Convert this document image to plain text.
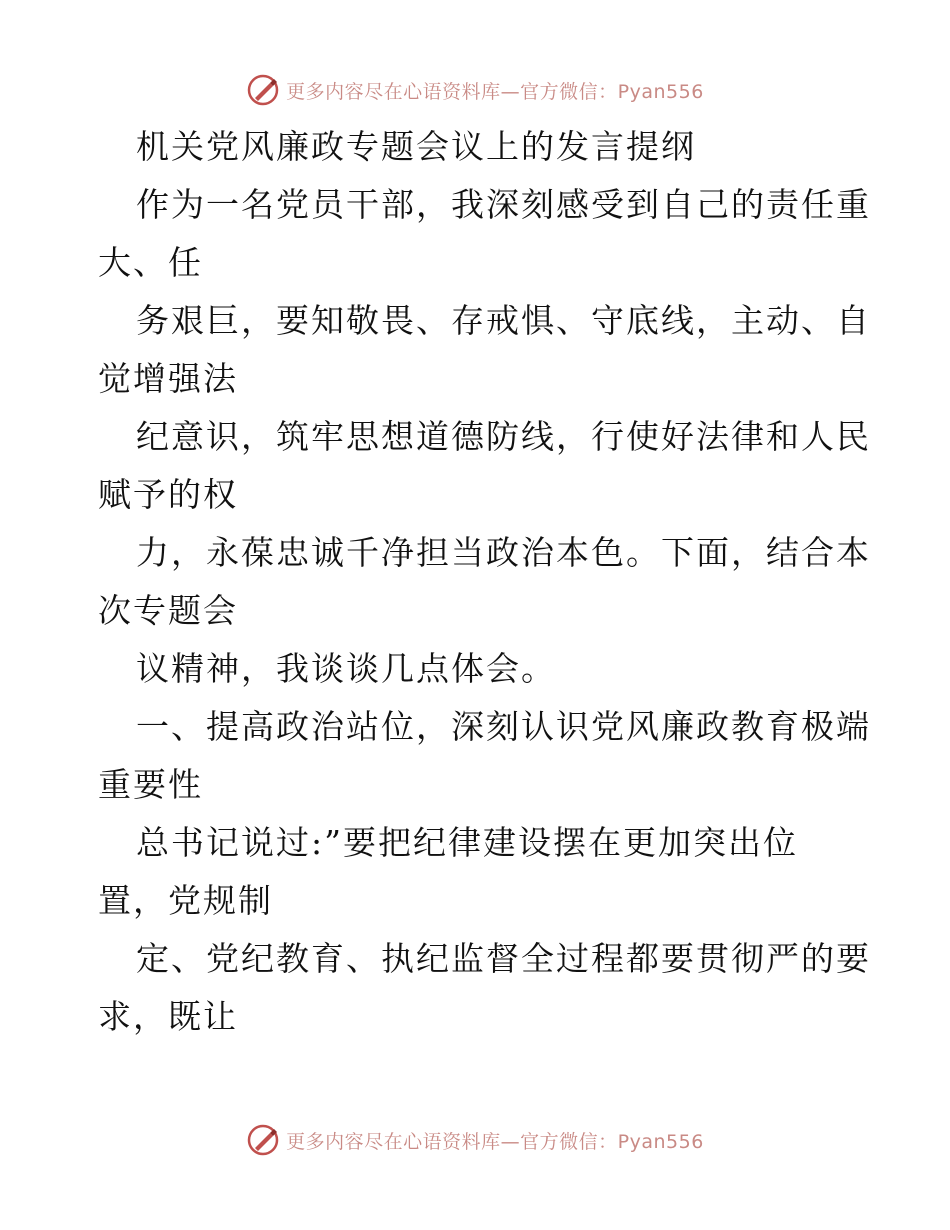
更多内容尽在心语资料库—官方微信：Pyan556
机关党风廉政专题会议上的发言提纲
作为一名党员干部，我深刻感受到自己的责任重
大、任
务艰巨，要知敬畏、存戒惧、守底线，主动、自
觉增强法
纪意识，筑牢思想道德防线，行使好法律和人民
赋予的权
力，永葆忠诚千净担当政治本色。下面，结合本
次专题会
议精神，我谈谈几点体会。
一、提高政治站位，深刻认识党风廉政教育极端
重要性
总书记说过:”要把纪律建设摆在更加突出位
置，党规制
定、党纪教育、执纪监督全过程都要贯彻严的要
求，既让
更多内容尽在心语资料库—官方微信：Pyan556
